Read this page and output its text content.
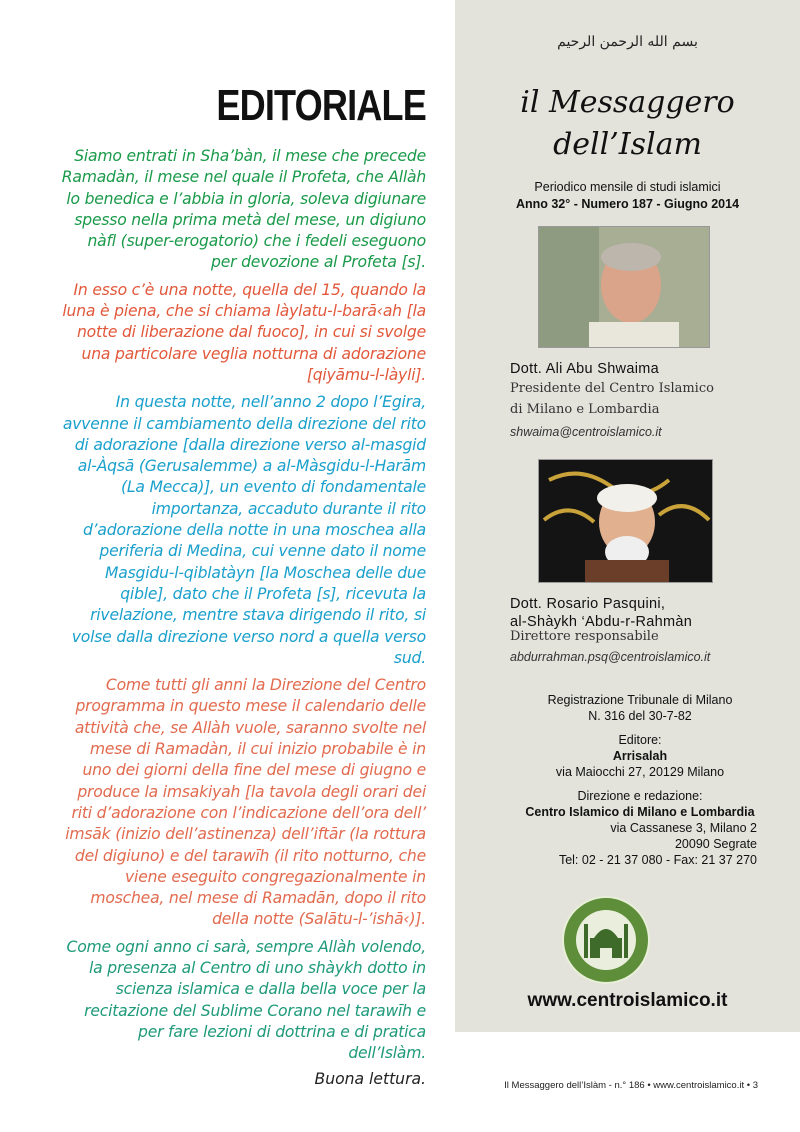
EDITORIALE

Siamo entrati in Sha’bàn, il mese che precede Ramadàn, il mese nel quale il Profeta, che Allàh lo benedica e l’abbia in gloria, soleva digiunare spesso nella prima metà del mese, un digiuno nàfl (super-erogatorio) che i fedeli eseguono per devozione al Profeta [s].

In esso c’è una notte, quella del 15, quando la luna è piena, che si chiama làylatu-l-barā‹ah [la notte di liberazione dal fuoco], in cui si svolge una particolare veglia notturna di adorazione [qiyāmu-l-làyli].

In questa notte, nell’anno 2 dopo l’Egira, avvenne il cambiamento della direzione del rito di adorazione [dalla direzione verso al-masgid al-Àqsā (Gerusalemme) a al-Màsgidu-l-Harām (La Mecca)], un evento di fondamentale importanza, accaduto durante il rito d’adorazione della notte in una moschea alla periferia di Medina, cui venne dato il nome Masgidu-l-qiblatàyn [la Moschea delle due qible], dato che il Profeta [s], ricevuta la rivelazione, mentre stava dirigendo il rito, si volse dalla direzione verso nord a quella verso sud.

Come tutti gli anni la Direzione del Centro programma in questo mese il calendario delle attività che, se Allàh vuole, saranno svolte nel mese di Ramadàn, il cui inizio probabile è in uno dei giorni della fine del mese di giugno e produce la imsakiyah [la tavola degli orari dei riti d’adorazione con l’indicazione dell’ora dell’ imsāk (inizio dell’astinenza) dell’iftār (la rottura del digiuno) e del tarawīh (il rito notturno, che viene eseguito congregazionalmente in moschea, nel mese di Ramadān, dopo il rito della notte (Salātu-l-’ishā‹)].

Come ogni anno ci sarà, sempre Allàh volendo, la presenza al Centro di uno shàykh dotto in scienza islamica e dalla bella voce per la recitazione del Sublime Corano nel tarawīh e per fare lezioni di dottrina e di pratica dell’Islàm.

Buona lettura.

بسم الله الرحمن الرحيم
il Messaggero
dell’Islam
Periodico mensile di studi islamici
Anno 32° - Numero 187 - Giugno 2014
Dott. Ali Abu Shwaima
Presidente del Centro Islamico
di Milano e Lombardia
shwaima@centroislamico.it
Dott. Rosario Pasquini,
al-Shàykh ‘Abdu-r-Rahmàn
Direttore responsabile
abdurrahman.psq@centroislamico.it
Registrazione Tribunale di Milano
N. 316 del 30-7-82
Editore:
Arrisalah
via Maiocchi 27, 20129 Milano
Direzione e redazione:
Centro Islamico di Milano e Lombardia
via Cassanese 3, Milano 2
20090 Segrate
Tel: 02 - 21 37 080 - Fax: 21 37 270
www.centroislamico.it
Il Messaggero dell’Islàm - n.° 186 • www.centroislamico.it • 3
